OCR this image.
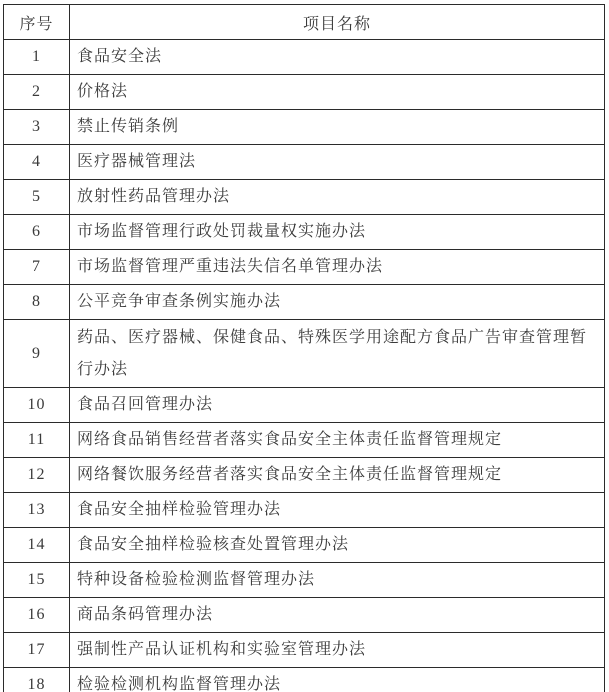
序号	项目名称
1	食品安全法
2	价格法
3	禁止传销条例
4	医疗器械管理法
5	放射性药品管理办法
6	市场监督管理行政处罚裁量权实施办法
7	市场监督管理严重违法失信名单管理办法
8	公平竞争审查条例实施办法
9	药品、医疗器械、保健食品、特殊医学用途配方食品广告审查管理暂行办法
10	食品召回管理办法
11	网络食品销售经营者落实食品安全主体责任监督管理规定
12	网络餐饮服务经营者落实食品安全主体责任监督管理规定
13	食品安全抽样检验管理办法
14	食品安全抽样检验核查处置管理办法
15	特种设备检验检测监督管理办法
16	商品条码管理办法
17	强制性产品认证机构和实验室管理办法
18	检验检测机构监督管理办法
